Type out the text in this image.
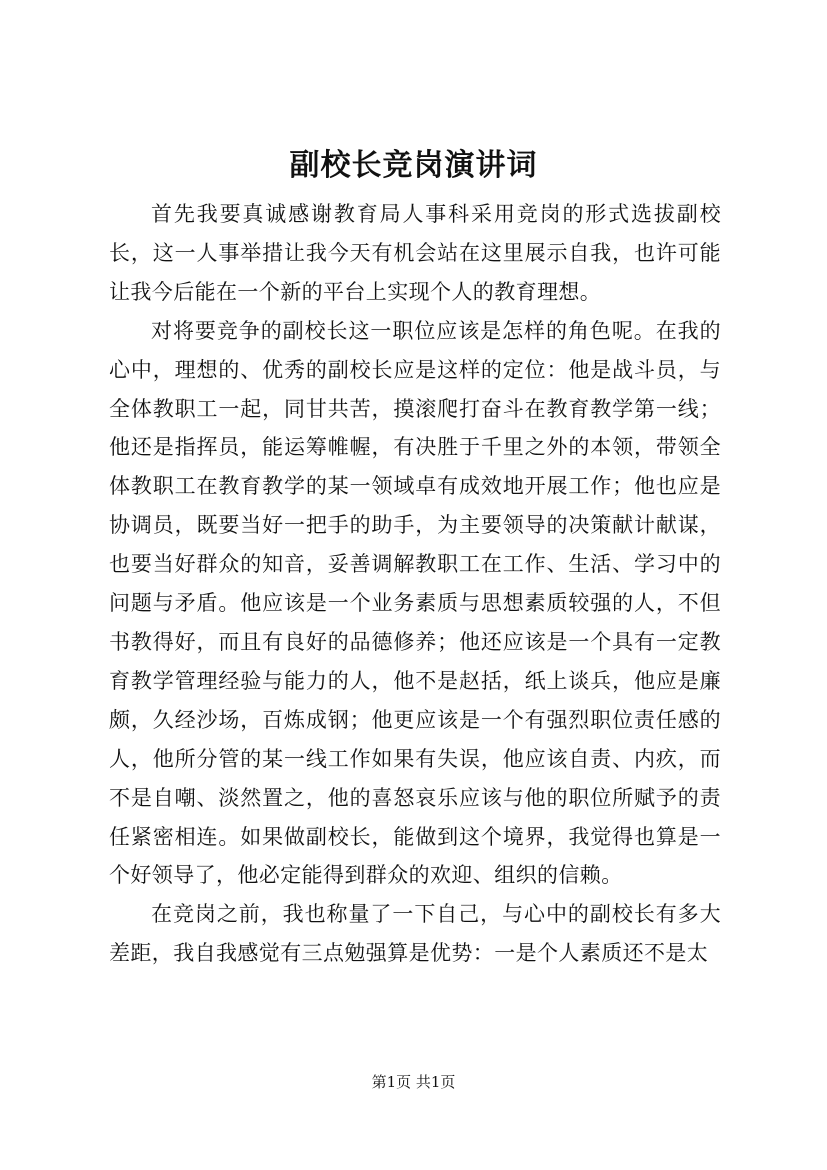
副校长竞岗演讲词

首先我要真诚感谢教育局人事科采用竞岗的形式选拔副校长，这一人事举措让我今天有机会站在这里展示自我，也许可能让我今后能在一个新的平台上实现个人的教育理想。

对将要竞争的副校长这一职位应该是怎样的角色呢。在我的心中，理想的、优秀的副校长应是这样的定位：他是战斗员，与全体教职工一起，同甘共苦，摸滚爬打奋斗在教育教学第一线；他还是指挥员，能运筹帷幄，有决胜于千里之外的本领，带领全体教职工在教育教学的某一领域卓有成效地开展工作；他也应是协调员，既要当好一把手的助手，为主要领导的决策献计献谋，也要当好群众的知音，妥善调解教职工在工作、生活、学习中的问题与矛盾。他应该是一个业务素质与思想素质较强的人，不但书教得好，而且有良好的品德修养；他还应该是一个具有一定教育教学管理经验与能力的人，他不是赵括，纸上谈兵，他应是廉颇，久经沙场，百炼成钢；他更应该是一个有强烈职位责任感的人，他所分管的某一线工作如果有失误，他应该自责、内疚，而不是自嘲、淡然置之，他的喜怒哀乐应该与他的职位所赋予的责任紧密相连。如果做副校长，能做到这个境界，我觉得也算是一个好领导了，他必定能得到群众的欢迎、组织的信赖。

在竞岗之前，我也称量了一下自己，与心中的副校长有多大差距，我自我感觉有三点勉强算是优势：一是个人素质还不是太

第1页 共1页
